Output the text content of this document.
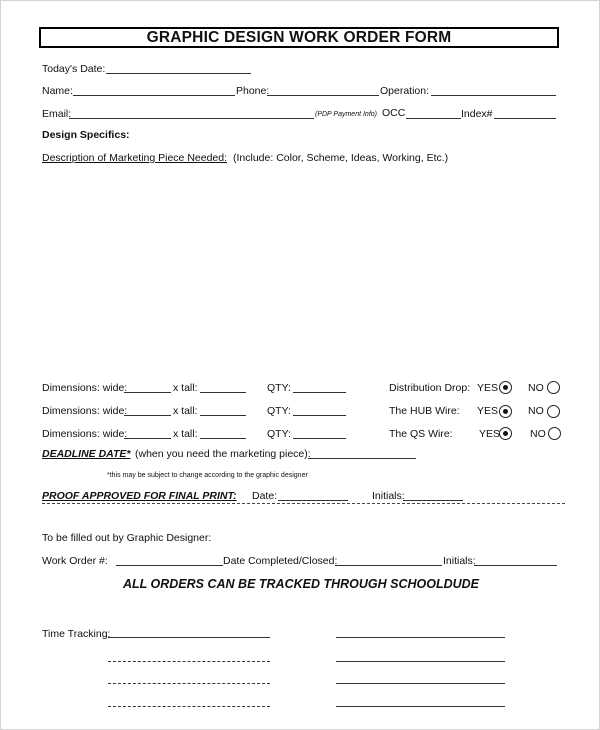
GRAPHIC DESIGN WORK ORDER FORM
Today's Date:
Name:	Phone:	Operation:
Email:	(PDP Payment Info) OCC	Index#
Design Specifics:
Description of Marketing Piece Needed: (Include: Color, Scheme, Ideas, Working, Etc.)
Dimensions: wide:	x tall:	QTY:	Distribution Drop: YES	NO
Dimensions: wide:	x tall:	QTY:	The HUB Wire: YES	NO
Dimensions: wide:	x tall:	QTY:	The QS Wire:	YES	NO
DEADLINE DATE* (when you need the marketing piece):
*this may be subject to change according to the graphic designer
PROOF APPROVED FOR FINAL PRINT: Date:	Initials:
To be filled out by Graphic Designer:
Work Order #:	Date Completed/Closed:	Initials:
ALL ORDERS CAN BE TRACKED THROUGH SCHOOLDUDE
Time Tracking:
